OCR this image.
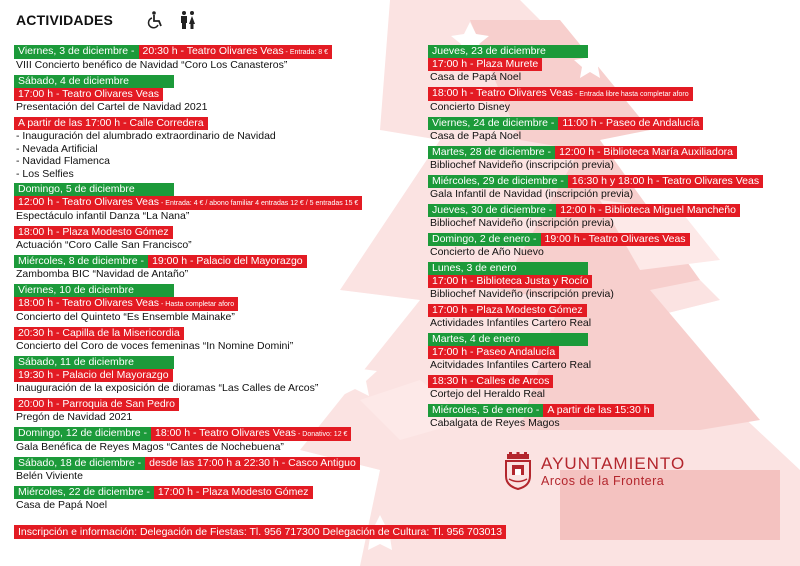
ACTIVIDADES
Viernes, 3 de diciembre - 20:30 h - Teatro Olivares Veas - Entrada: 8 €
VIII Concierto benéfico de Navidad “Coro Los Canasteros”
Sábado, 4 de diciembre
17:00 h - Teatro Olivares Veas
Presentación del Cartel de Navidad 2021
A partir de las 17:00 h - Calle Corredera
- Inauguración del alumbrado extraordinario de Navidad
- Nevada Artificial
- Navidad Flamenca
- Los Selfies
Domingo, 5 de diciembre
12:00 h - Teatro Olivares Veas - Entrada: 4 € / abono familiar 4 entradas 12 € / 5 entradas 15 €
Espectáculo infantil Danza “La Nana”
18:00 h - Plaza Modesto Gómez
Actuación “Coro Calle San Francisco”
Miércoles, 8 de diciembre - 19:00 h - Palacio del Mayorazgo
Zambomba BIC “Navidad de Antaño”
Viernes, 10 de diciembre
18:00 h - Teatro Olivares Veas - Hasta completar aforo
Concierto del Quinteto “Es Ensemble Mainake”
20:30 h - Capilla de la Misericordia
Concierto del Coro de voces femeninas “In Nomine Domini”
Sábado, 11 de diciembre
19:30 h - Palacio del Mayorazgo
Inauguración de la exposición de dioramas “Las Calles de Arcos”
20:00 h - Parroquia de San Pedro
Pregón de Navidad 2021
Domingo, 12 de diciembre - 18:00 h - Teatro Olivares Veas - Donativo: 12 €
Gala Benéfica de Reyes Magos “Cantes de Nochebuena”
Sábado, 18 de diciembre - desde las 17:00 h a 22:30 h - Casco Antiguo
Belén Viviente
Miércoles, 22 de diciembre - 17:00 h - Plaza Modesto Gómez
Casa de Papá Noel
Jueves, 23 de diciembre
17:00 h - Plaza Murete
Casa de Papá Noel
18:00 h - Teatro Olivares Veas - Entrada libre hasta completar aforo
Concierto Disney
Viernes, 24 de diciembre - 11:00 h - Paseo de Andalucía
Casa de Papá Noel
Martes, 28 de diciembre - 12:00 h - Biblioteca María Auxiliadora
Bibliochef Navideño (inscripción previa)
Miércoles, 29 de diciembre - 16:30 h y 18:00 h - Teatro Olivares Veas
Gala Infantil de Navidad (inscripción previa)
Jueves, 30 de diciembre - 12:00 h - Biblioteca Miguel Mancheño
Bibliochef Navideño (inscripción previa)
Domingo, 2 de enero - 19:00 h - Teatro Olivares Veas
Concierto de Año Nuevo
Lunes, 3 de enero
17:00 h - Biblioteca Justa y Rocío
Bibliochef Navideño (inscripción previa)
17:00 h - Plaza Modesto Gómez
Actividades Infantiles Cartero Real
Martes, 4 de enero
17:00 h - Paseo Andalucía
Acitvidades Infantiles Cartero Real
18:30 h - Calles de Arcos
Cortejo del Heraldo Real
Miércoles, 5 de enero - A partir de las 15:30 h
Cabalgata de Reyes Magos
AYUNTAMIENTO
Arcos de la Frontera
Inscripción e información: Delegación de Fiestas: Tl. 956 717300 Delegación de Cultura: Tl. 956 703013
